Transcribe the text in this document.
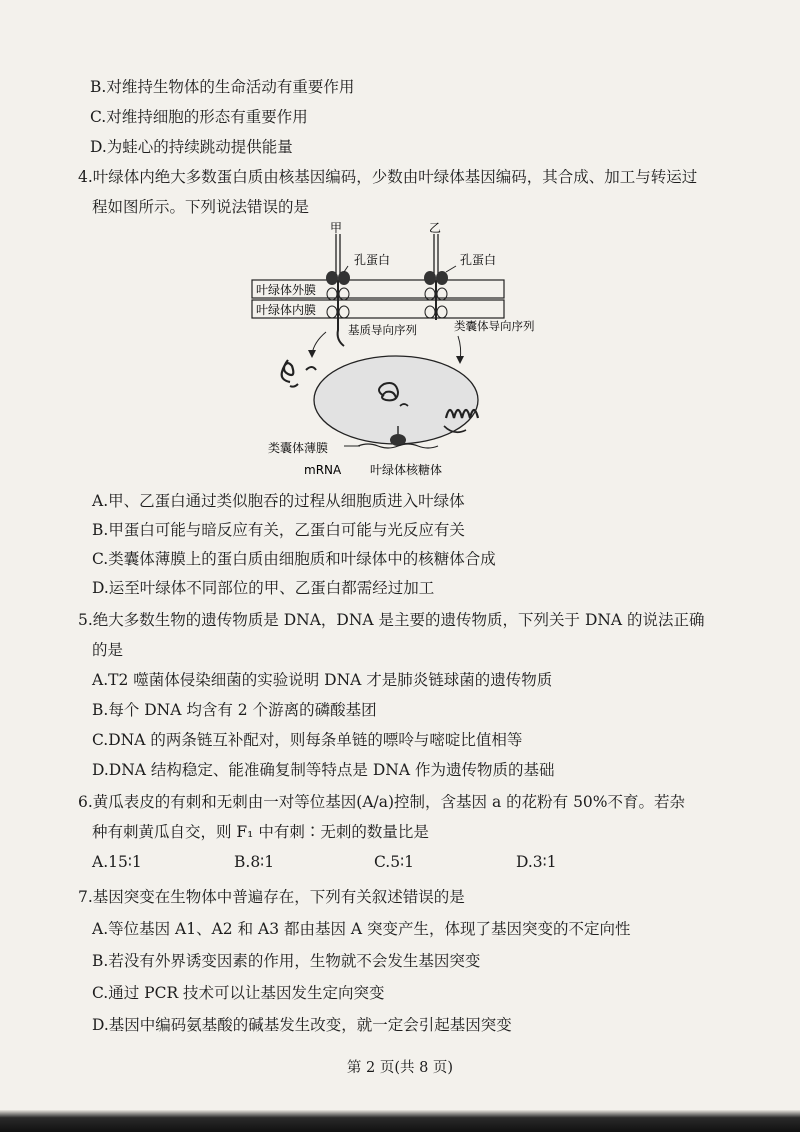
B.对维持生物体的生命活动有重要作用
C.对维持细胞的形态有重要作用
D.为蛙心的持续跳动提供能量
4.叶绿体内绝大多数蛋白质由核基因编码，少数由叶绿体基因编码，其合成、加工与转运过
程如图所示。下列说法错误的是
叶绿体外膜
叶绿体内膜
甲
孔蛋白
基质导向序列
乙
孔蛋白
类囊体导向序列
类囊体薄膜
mRNA 叶绿体核糖体
A.甲、乙蛋白通过类似胞吞的过程从细胞质进入叶绿体
B.甲蛋白可能与暗反应有关，乙蛋白可能与光反应有关
C.类囊体薄膜上的蛋白质由细胞质和叶绿体中的核糖体合成
D.运至叶绿体不同部位的甲、乙蛋白都需经过加工
5.绝大多数生物的遗传物质是 DNA，DNA 是主要的遗传物质，下列关于 DNA 的说法正确
的是
A.T2 噬菌体侵染细菌的实验说明 DNA 才是肺炎链球菌的遗传物质
B.每个 DNA 均含有 2 个游离的磷酸基团
C.DNA 的两条链互补配对，则每条单链的嘌呤与嘧啶比值相等
D.DNA 结构稳定、能准确复制等特点是 DNA 作为遗传物质的基础
6.黄瓜表皮的有刺和无刺由一对等位基因(A/a)控制，含基因 a 的花粉有 50%不育。若杂
种有刺黄瓜自交，则 F₁ 中有刺∶无刺的数量比是
A.15∶1	B.8∶1	C.5∶1	D.3∶1
7.基因突变在生物体中普遍存在，下列有关叙述错误的是
A.等位基因 A1、A2 和 A3 都由基因 A 突变产生，体现了基因突变的不定向性
B.若没有外界诱变因素的作用，生物就不会发生基因突变
C.通过 PCR 技术可以让基因发生定向突变
D.基因中编码氨基酸的碱基发生改变，就一定会引起基因突变
第 2 页(共 8 页)
